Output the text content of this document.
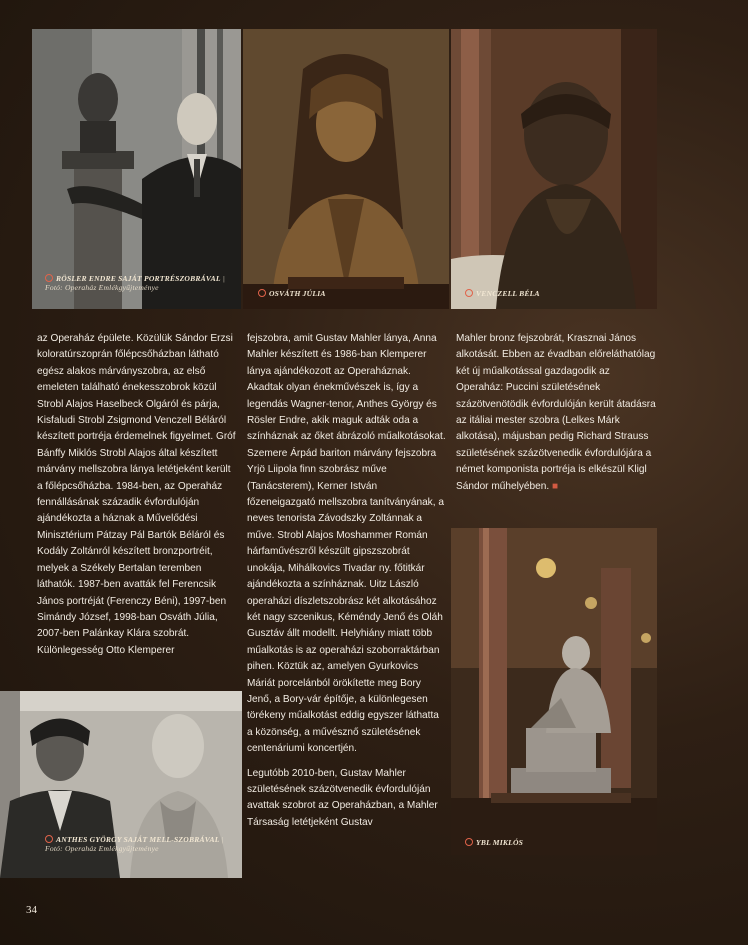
RÖSLER ENDRE SAJÁT PORTRÉSZOBRÁVAL | Fotó: Operaház Emlékgyűjteménye
OSVÁTH JÚLIA	VENCZELL BÉLA
ANTHES GYÖRGY SAJÁT MELL-SZOBRÁVAL | Fotó: Operaház Emlékgyűjteménye
YBL MIKLÓS

az Operaház épülete. Közülük Sándor Erzsi koloratúrszoprán főlépcsőházban látható egész alakos márványszobra, az első emeleten található énekesszobrok közül Strobl Alajos Haselbeck Olgáról és párja, Kisfaludi Strobl Zsigmond Venczell Béláról készített portréja érdemelnek figyelmet. Gróf Bánffy Miklós Strobl Alajos által készített márvány mellszobra lánya letétjeként került a főlépcsőházba. 1984-ben, az Operaház fennállásának századik évfordulóján ajándékozta a háznak a Művelődési Minisztérium Pátzay Pál Bartók Béláról és Kodály Zoltánról készített bronzportréit, melyek a Székely Bertalan teremben láthatók. 1987-ben avatták fel Ferencsik János portréját (Ferenczy Béni), 1997-ben Simándy József, 1998-ban Osváth Júlia, 2007-ben Palánkay Klára szobrát. Különlegesség Otto Klemperer

fejszobra, amit Gustav Mahler lánya, Anna Mahler készített és 1986-ban Klemperer lánya ajándékozott az Operaháznak. Akadtak olyan énekművészek is, így a legendás Wagner-tenor, Anthes György és Rösler Endre, akik maguk adták oda a színháznak az őket ábrázoló műalkotásokat. Szemere Árpád bariton márvány fejszobra Yrjö Liipola finn szobrász műve (Tanácsterem), Kerner István főzeneigazgató mellszobra tanítványának, a neves tenorista Závodszky Zoltánnak a műve. Strobl Alajos Moshammer Román hárfaművészről készült gipszszobrát unokája, Mihálkovics Tivadar ny. főtitkár ajándékozta a színháznak. Uitz László operaházi díszletszobrász két alkotásához két nagy szcenikus, Kéméndy Jenő és Oláh Gusztáv állt modellt. Helyhiány miatt több műalkotás is az operaházi szoborraktárban pihen. Köztük az, amelyen Gyurkovics Máriát porcelánból örökítette meg Bory Jenő, a Bory-vár építője, a különlegesen törékeny műalkotást eddig egyszer láthatta a közönség, a művésznő születésének centenáriumi koncertjén.

Legutóbb 2010-ben, Gustav Mahler születésének százötvenedik évfordulóján avattak szobrot az Operaházban, a Mahler Társaság letétjeként Gustav

Mahler bronz fejszobrát, Krasznai János alkotását. Ebben az évadban előreláthatólag két új műalkotással gazdagodik az Operaház: Puccini születésének százötvenötödik évfordulóján került átadásra az itáliai mester szobra (Lelkes Márk alkotása), májusban pedig Richard Strauss születésének százötvenedik évfordulójára a német komponista portréja is elkészül Kligl Sándor műhelyében. ■

34
